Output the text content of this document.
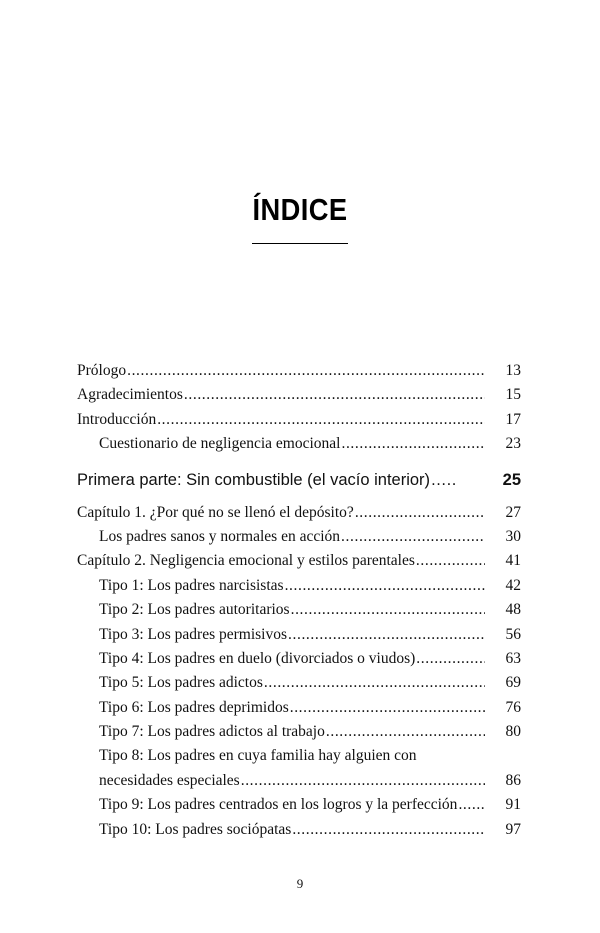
ÍNDICE
Prólogo .....	13
Agradecimientos .....	15
Introducción .....	17
Cuestionario de negligencia emocional .....	23
Primera parte: Sin combustible (el vacío interior) .....	25
Capítulo 1. ¿Por qué no se llenó el depósito? .....	27
Los padres sanos y normales en acción .....	30
Capítulo 2. Negligencia emocional y estilos parentales .....	41
Tipo 1: Los padres narcisistas .....	42
Tipo 2: Los padres autoritarios .....	48
Tipo 3: Los padres permisivos .....	56
Tipo 4: Los padres en duelo (divorciados o viudos) .....	63
Tipo 5: Los padres adictos .....	69
Tipo 6: Los padres deprimidos .....	76
Tipo 7: Los padres adictos al trabajo .....	80
Tipo 8: Los padres en cuya familia hay alguien con
necesidades especiales .....	86
Tipo 9: Los padres centrados en los logros y la perfección .....	91
Tipo 10: Los padres sociópatas .....	97
9
